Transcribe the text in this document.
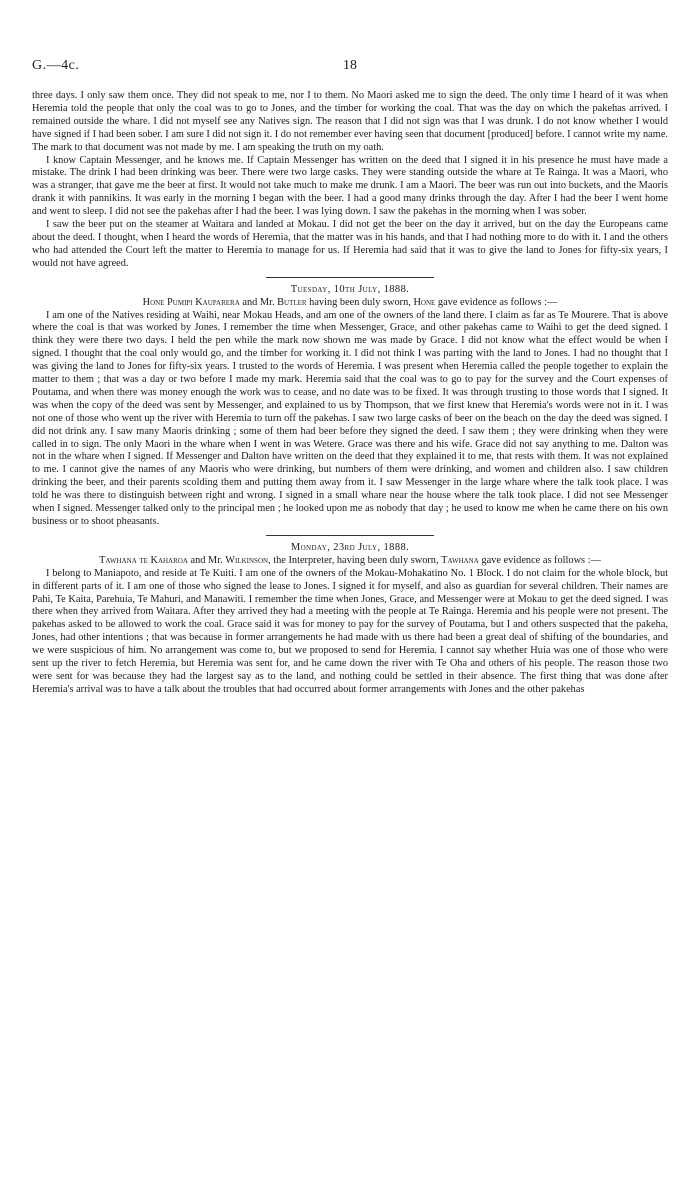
G.—4c.	18

three days. I only saw them once. They did not speak to me, nor I to them. No Maori asked me to sign the deed. The only time I heard of it was when Heremia told the people that only the coal was to go to Jones, and the timber for working the coal. That was the day on which the pakehas arrived. I remained outside the whare. I did not myself see any Natives sign. The reason that I did not sign was that I was drunk. I do not know whether I would have signed if I had been sober. I am sure I did not sign it. I do not remember ever having seen that document [produced] before. I cannot write my name. The mark to that document was not made by me. I am speaking the truth on my oath.

I know Captain Messenger, and he knows me. If Captain Messenger has written on the deed that I signed it in his presence he must have made a mistake. The drink I had been drinking was beer. There were two large casks. They were standing outside the whare at Te Rainga. It was a Maori, who was a stranger, that gave me the beer at first. It would not take much to make me drunk. I am a Maori. The beer was run out into buckets, and the Maoris drank it with pannikins. It was early in the morning I began with the beer. I had a good many drinks through the day. After I had the beer I went home and went to sleep. I did not see the pakehas after I had the beer. I was lying down. I saw the pakehas in the morning when I was sober.

I saw the beer put on the steamer at Waitara and landed at Mokau. I did not get the beer on the day it arrived, but on the day the Europeans came about the deed. I thought, when I heard the words of Heremia, that the matter was in his hands, and that I had nothing more to do with it. I and the others who had attended the Court left the matter to Heremia to manage for us. If Heremia had said that it was to give the land to Jones for fifty-six years, I would not have agreed.

Tuesday, 10th July, 1888.

Hone Pumipi Kauparera and Mr. Butler having been duly sworn, Hone gave evidence as follows :—

I am one of the Natives residing at Waihi, near Mokau Heads, and am one of the owners of the land there. I claim as far as Te Mourere. That is above where the coal is that was worked by Jones. I remember the time when Messenger, Grace, and other pakehas came to Waihi to get the deed signed. I think they were there two days. I held the pen while the mark now shown me was made by Grace. I did not know what the effect would be when I signed. I thought that the coal only would go, and the timber for working it. I did not think I was parting with the land to Jones. I had no thought that I was giving the land to Jones for fifty-six years. I trusted to the words of Heremia. I was present when Heremia called the people together to explain the matter to them ; that was a day or two before I made my mark. Heremia said that the coal was to go to pay for the survey and the Court expenses of Poutama, and when there was money enough the work was to cease, and no date was to be fixed. It was through trusting to those words that I signed. It was when the copy of the deed was sent by Messenger, and explained to us by Thompson, that we first knew that Heremia's words were not in it. I was not one of those who went up the river with Heremia to turn off the pakehas. I saw two large casks of beer on the beach on the day the deed was signed. I did not drink any. I saw many Maoris drinking ; some of them had beer before they signed the deed. I saw them ; they were drinking when they were called in to sign. The only Maori in the whare when I went in was Wetere. Grace was there and his wife. Grace did not say anything to me. Dalton was not in the whare when I signed. If Messenger and Dalton have written on the deed that they explained it to me, that rests with them. It was not explained to me. I cannot give the names of any Maoris who were drinking, but numbers of them were drinking, and women and children also. I saw children drinking the beer, and their parents scolding them and putting them away from it. I saw Messenger in the large whare where the talk took place. I was told he was there to distinguish between right and wrong. I signed in a small whare near the house where the talk took place. I did not see Messenger when I signed. Messenger talked only to the principal men ; he looked upon me as nobody that day ; he used to know me when he came there on his own business or to shoot pheasants.

Monday, 23rd July, 1888.

Tawhana te Kaharoa and Mr. Wilkinson, the Interpreter, having been duly sworn, Tawhana gave evidence as follows :—

I belong to Maniapoto, and reside at Te Kuiti. I am one of the owners of the Mokau-Mohakatino No. 1 Block. I do not claim for the whole block, but in different parts of it. I am one of those who signed the lease to Jones. I signed it for myself, and also as guardian for several children. Their names are Pahi, Te Kaita, Parehuia, Te Mahuri, and Manawiti. I remember the time when Jones, Grace, and Messenger were at Mokau to get the deed signed. I was there when they arrived from Waitara. After they arrived they had a meeting with the people at Te Rainga. Heremia and his people were not present. The pakehas asked to be allowed to work the coal. Grace said it was for money to pay for the survey of Poutama, but I and others suspected that the pakeha, Jones, had other intentions ; that was because in former arrangements he had made with us there had been a great deal of shifting of the boundaries, and we were suspicious of him. No arrangement was come to, but we proposed to send for Heremia. I cannot say whether Huia was one of those who were sent up the river to fetch Heremia, but Heremia was sent for, and he came down the river with Te Oha and others of his people. The reason those two were sent for was because they had the largest say as to the land, and nothing could be settled in their absence. The first thing that was done after Heremia's arrival was to have a talk about the troubles that had occurred about former arrangements with Jones and the other pakehas
